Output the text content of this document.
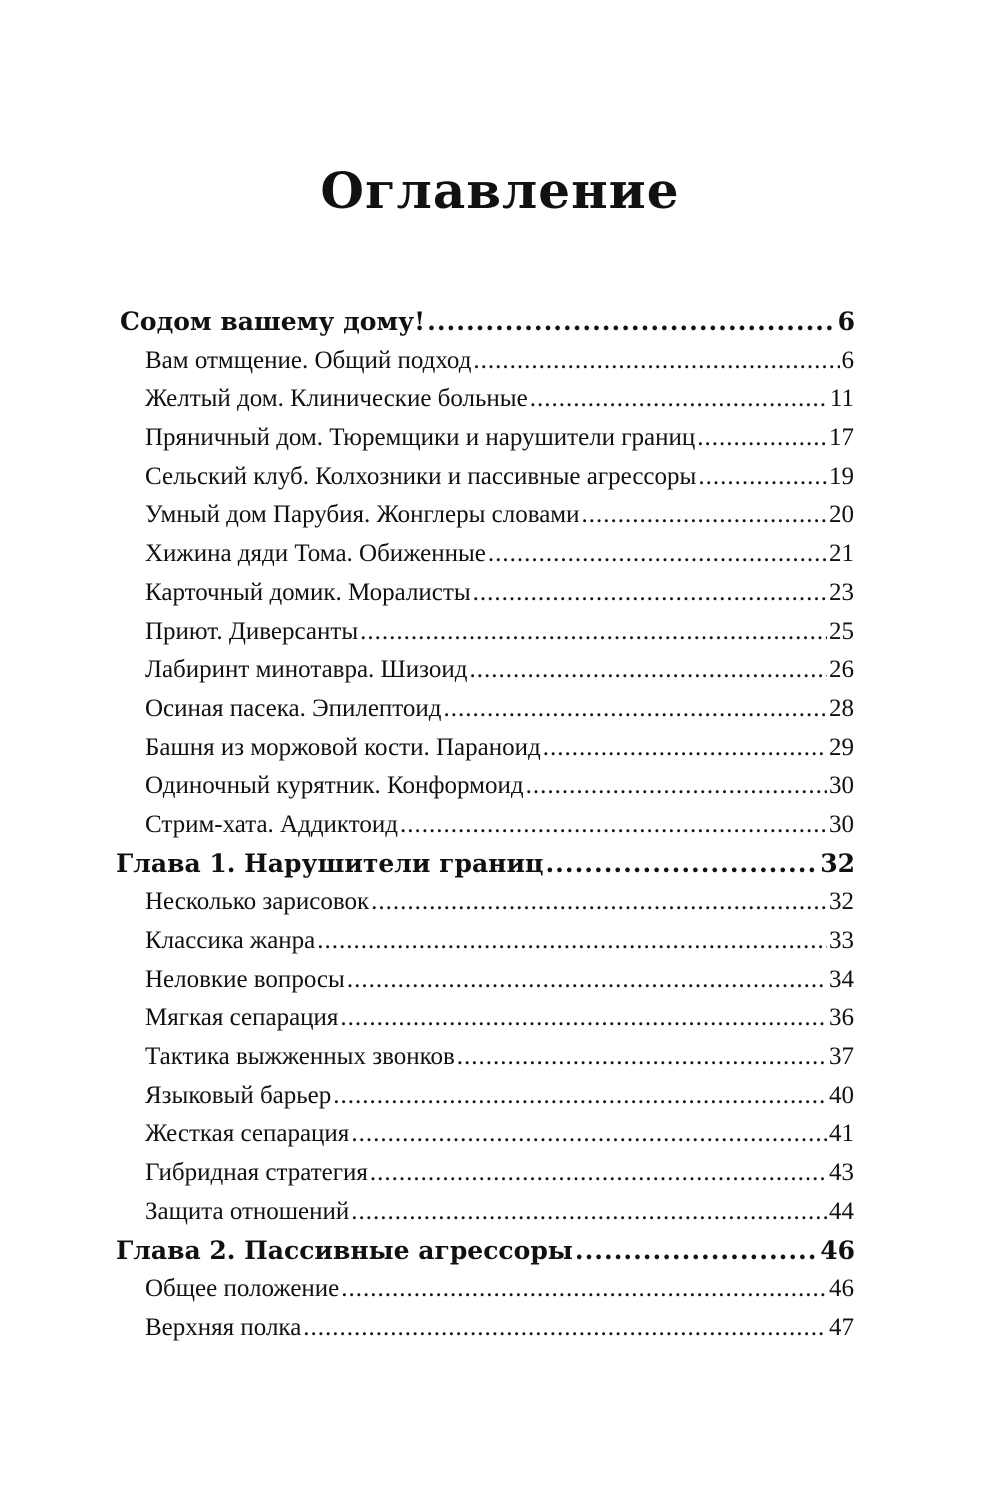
Оглавление
Содом вашему дому! .....	6
Вам отмщение. Общий подход .....	6
Желтый дом. Клинические больные .....	11
Пряничный дом. Тюремщики и нарушители границ .....	17
Сельский клуб. Колхозники и пассивные агрессоры .....	19
Умный дом Парубия. Жонглеры словами .....	20
Хижина дяди Тома. Обиженные .....	21
Карточный домик. Моралисты .....	23
Приют. Диверсанты .....	25
Лабиринт минотавра. Шизоид .....	26
Осиная пасека. Эпилептоид .....	28
Башня из моржовой кости. Параноид .....	29
Одиночный курятник. Конформоид .....	30
Стрим-хата. Аддиктоид .....	30
Глава 1. Нарушители границ .....	32
Несколько зарисовок .....	32
Классика жанра .....	33
Неловкие вопросы .....	34
Мягкая сепарация .....	36
Тактика выжженных звонков .....	37
Языковый барьер .....	40
Жесткая сепарация .....	41
Гибридная стратегия .....	43
Защита отношений .....	44
Глава 2. Пассивные агрессоры .....	46
Общее положение .....	46
Верхняя полка .....	47
